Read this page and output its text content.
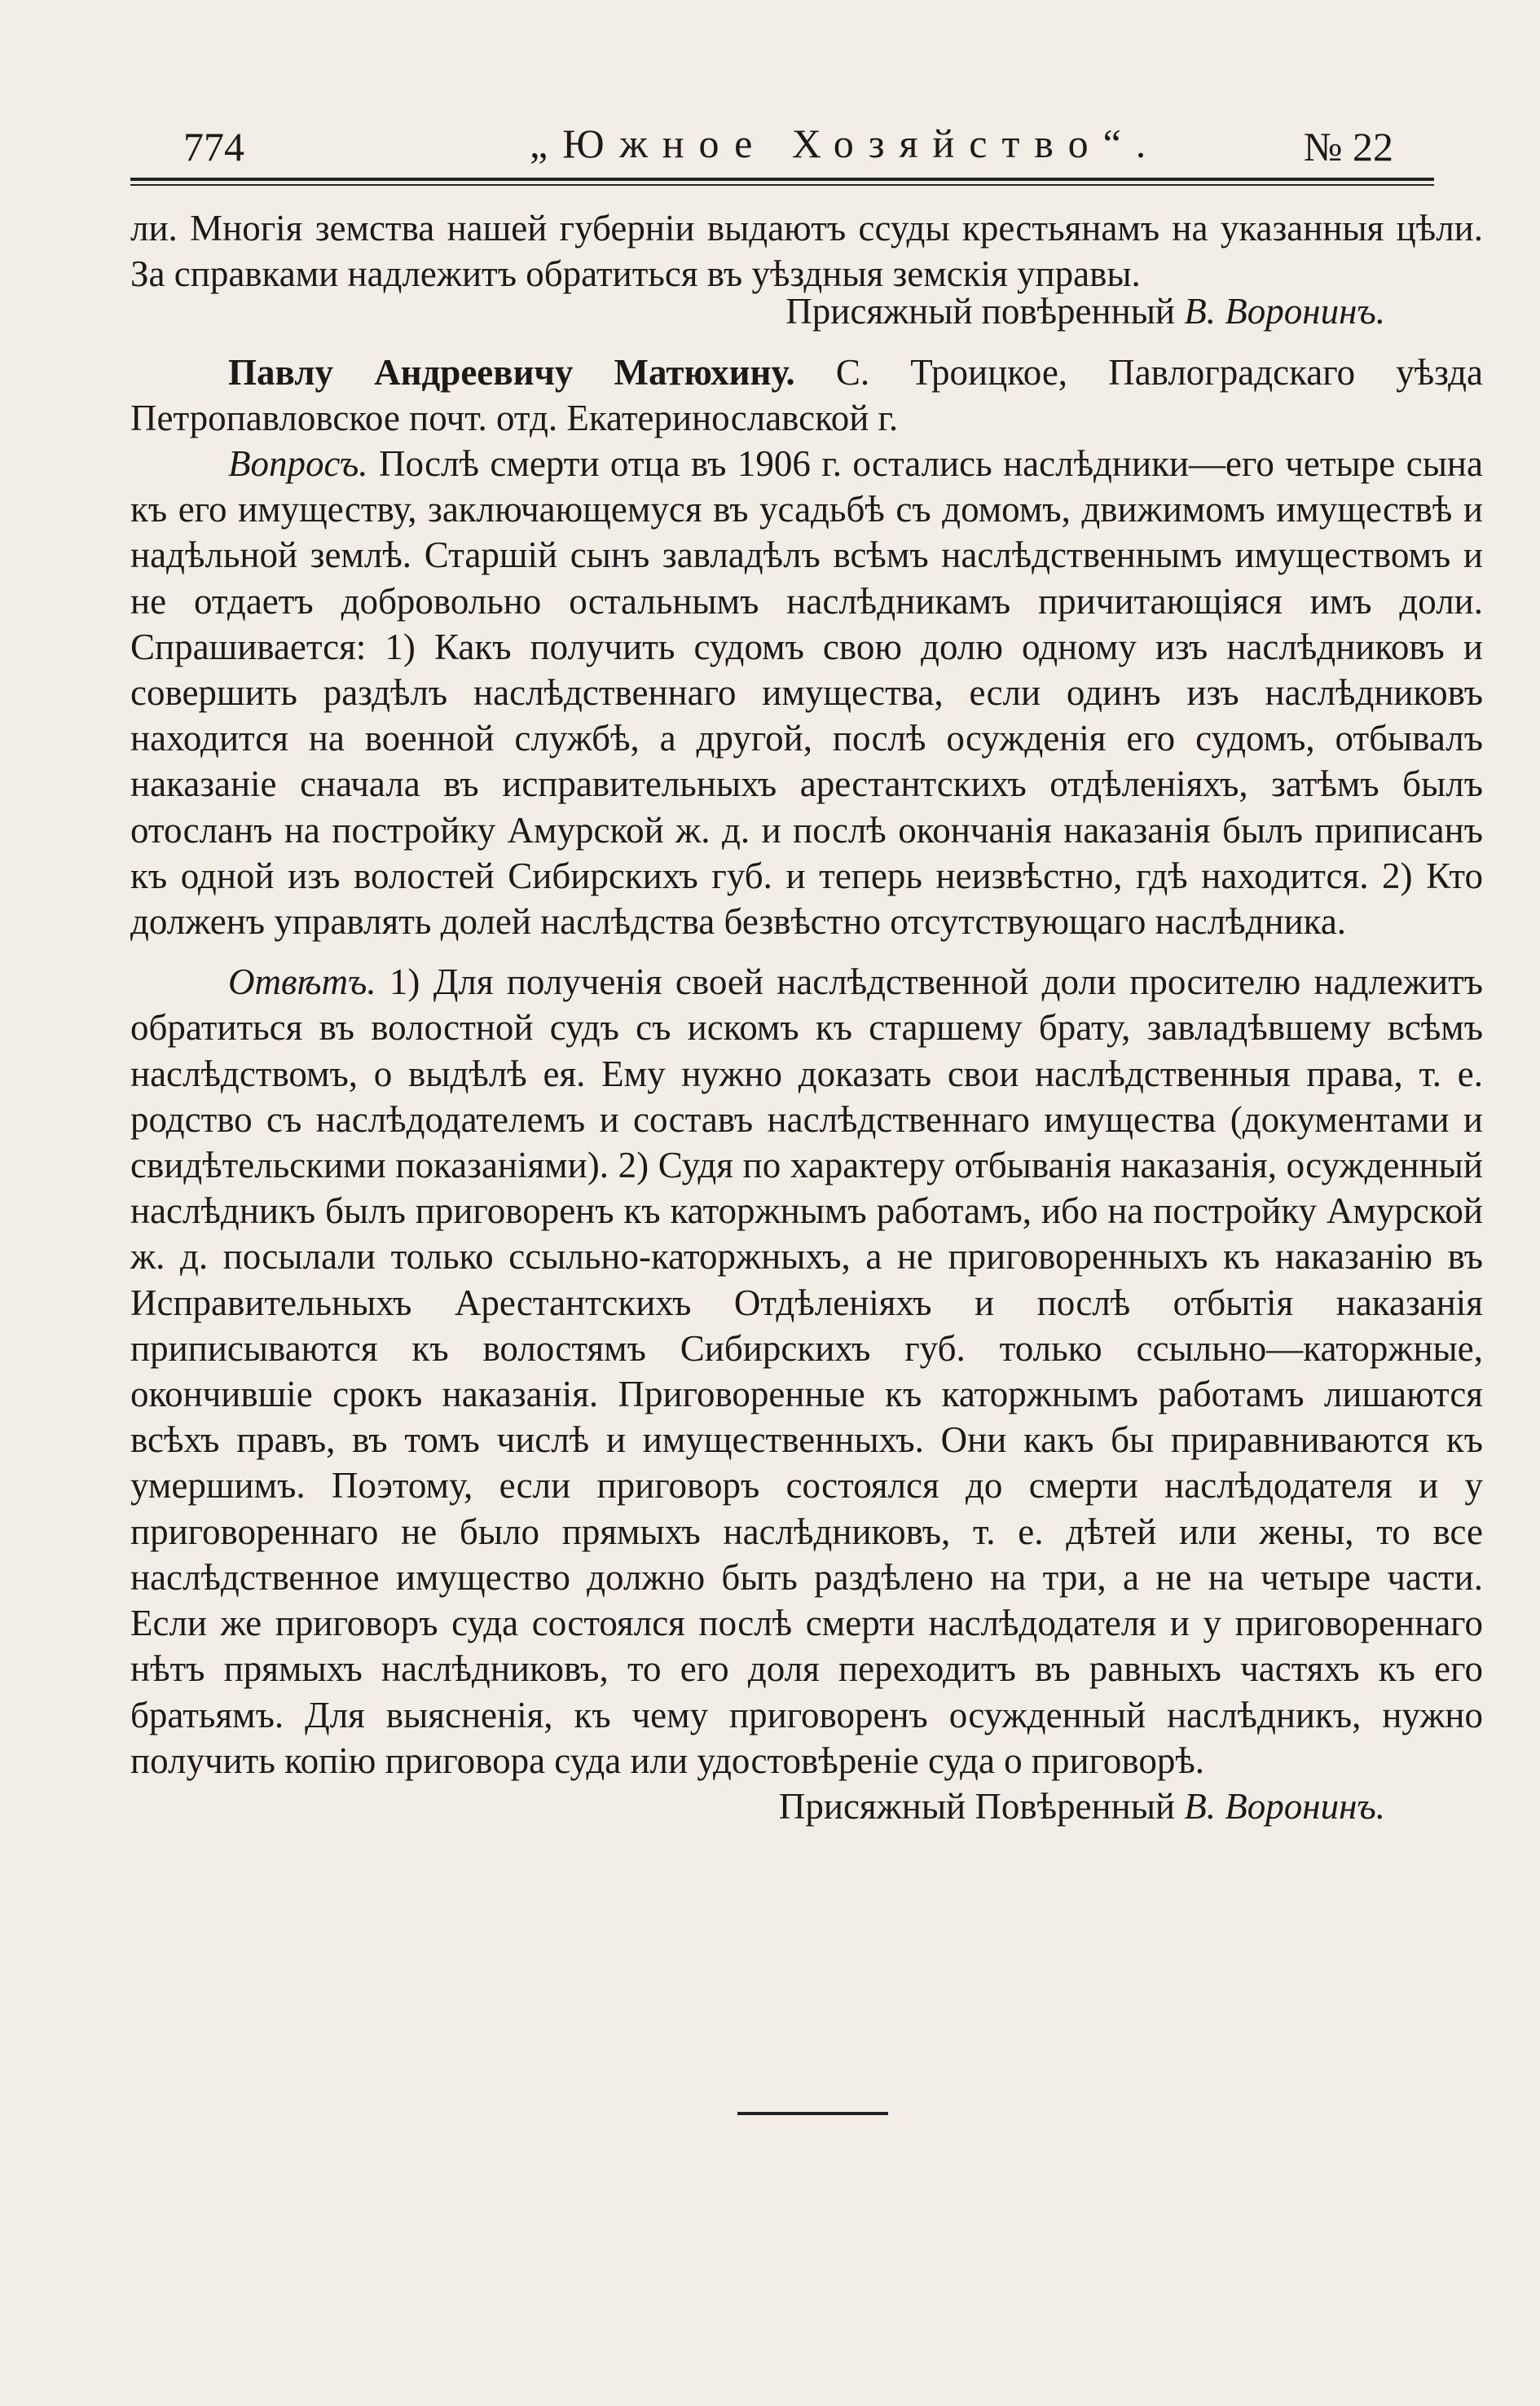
774	„Южное Хозяйство“.	№ 22

ли. Многія земства нашей губерніи выдаютъ ссуды крестьянамъ на указанныя цѣли. За справками надлежитъ обратиться въ уѣздныя земскія управы.

Присяжный повѣренный В. Воронинъ.

Павлу Андреевичу Матюхину. С. Троицкое, Павлоградскаго уѣзда Петропавловское почт. отд. Екатеринославской г.

Вопросъ. Послѣ смерти отца въ 1906 г. остались наслѣдники—его четыре сына къ его имуществу, заключающемуся въ усадьбѣ съ домомъ, движимомъ имуществѣ и надѣльной землѣ. Старшій сынъ завладѣлъ всѣмъ наслѣдственнымъ имуществомъ и не отдаетъ добровольно остальнымъ наслѣдникамъ причитающіяся имъ доли. Спрашивается: 1) Какъ получить судомъ свою долю одному изъ наслѣдниковъ и совершить раздѣлъ наслѣдственнаго имущества, если одинъ изъ наслѣдниковъ находится на военной службѣ, а другой, послѣ осужденія его судомъ, отбывалъ наказаніе сначала въ исправительныхъ арестантскихъ отдѣленіяхъ, затѣмъ былъ отосланъ на постройку Амурской ж. д. и послѣ окончанія наказанія былъ приписанъ къ одной изъ волостей Сибирскихъ губ. и теперь неизвѣстно, гдѣ находится. 2) Кто долженъ управлять долей наслѣдства безвѣстно отсутствующаго наслѣдника.

Отвѣтъ. 1) Для полученія своей наслѣдственной доли просителю надлежитъ обратиться въ волостной судъ съ искомъ къ старшему брату, завладѣвшему всѣмъ наслѣдствомъ, о выдѣлѣ ея. Ему нужно доказать свои наслѣдственныя права, т. е. родство съ наслѣдодателемъ и составъ наслѣдственнаго имущества (документами и свидѣтельскими показаніями). 2) Судя по характеру отбыванія наказанія, осужденный наслѣдникъ былъ приговоренъ къ каторжнымъ работамъ, ибо на постройку Амурской ж. д. посылали только ссыльно-каторжныхъ, а не приговоренныхъ къ наказанію въ Исправительныхъ Арестантскихъ Отдѣленіяхъ и послѣ отбытія наказанія приписываются къ волостямъ Сибирскихъ губ. только ссыльно—каторжные, окончившіе срокъ наказанія. Приговоренные къ каторжнымъ работамъ лишаются всѣхъ правъ, въ томъ числѣ и имущественныхъ. Они какъ бы приравниваются къ умершимъ. Поэтому, если приговоръ состоялся до смерти наслѣдодателя и у приговореннаго не было прямыхъ наслѣдниковъ, т. е. дѣтей или жены, то все наслѣдственное имущество должно быть раздѣлено на три, а не на четыре части. Если же приговоръ суда состоялся послѣ смерти наслѣдодателя и у приговореннаго нѣтъ прямыхъ наслѣдниковъ, то его доля переходитъ въ равныхъ частяхъ къ его братьямъ. Для выясненія, къ чему приговоренъ осужденный наслѣдникъ, нужно получить копію приговора суда или удостовѣреніе суда о приговорѣ.

Присяжный Повѣренный В. Воронинъ.
